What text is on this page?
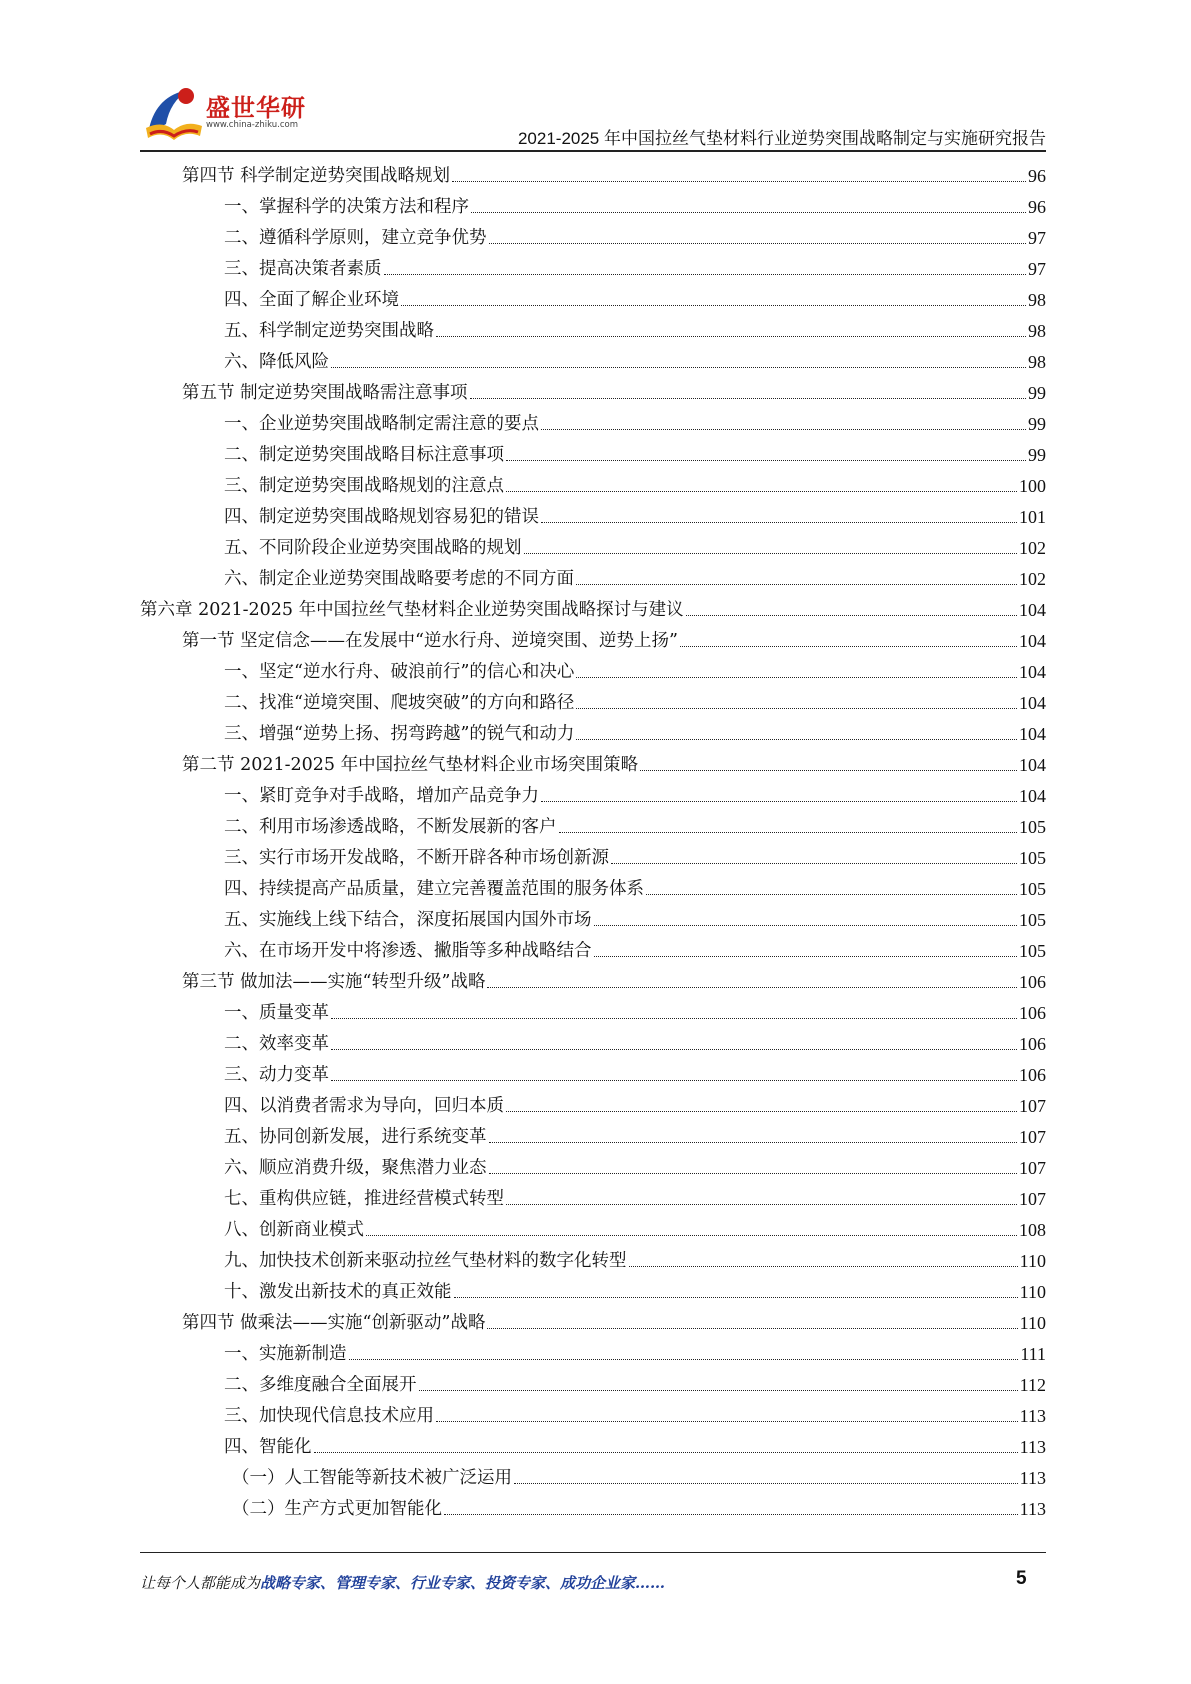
盛世华研
www.china-zhiku.com
2021-2025 年中国拉丝气垫材料行业逆势突围战略制定与实施研究报告
第四节 科学制定逆势突围战略规划	96
一、掌握科学的决策方法和程序	96
二、遵循科学原则，建立竞争优势	97
三、提高决策者素质	97
四、全面了解企业环境	98
五、科学制定逆势突围战略	98
六、降低风险	98
第五节 制定逆势突围战略需注意事项	99
一、企业逆势突围战略制定需注意的要点	99
二、制定逆势突围战略目标注意事项	99
三、制定逆势突围战略规划的注意点	100
四、制定逆势突围战略规划容易犯的错误	101
五、不同阶段企业逆势突围战略的规划	102
六、制定企业逆势突围战略要考虑的不同方面	102
第六章 2021-2025 年中国拉丝气垫材料企业逆势突围战略探讨与建议	104
第一节 坚定信念——在发展中“逆水行舟、逆境突围、逆势上扬”	104
一、坚定“逆水行舟、破浪前行”的信心和决心	104
二、找准“逆境突围、爬坡突破”的方向和路径	104
三、增强“逆势上扬、拐弯跨越”的锐气和动力	104
第二节 2021-2025 年中国拉丝气垫材料企业市场突围策略	104
一、紧盯竞争对手战略，增加产品竞争力	104
二、利用市场渗透战略，不断发展新的客户	105
三、实行市场开发战略，不断开辟各种市场创新源	105
四、持续提高产品质量，建立完善覆盖范围的服务体系	105
五、实施线上线下结合，深度拓展国内国外市场	105
六、在市场开发中将渗透、撇脂等多种战略结合	105
第三节 做加法——实施“转型升级”战略	106
一、质量变革	106
二、效率变革	106
三、动力变革	106
四、以消费者需求为导向，回归本质	107
五、协同创新发展，进行系统变革	107
六、顺应消费升级，聚焦潜力业态	107
七、重构供应链，推进经营模式转型	107
八、创新商业模式	108
九、加快技术创新来驱动拉丝气垫材料的数字化转型	110
十、激发出新技术的真正效能	110
第四节 做乘法——实施“创新驱动”战略	110
一、实施新制造	111
二、多维度融合全面展开	112
三、加快现代信息技术应用	113
四、智能化	113
（一）人工智能等新技术被广泛运用	113
（二）生产方式更加智能化	113
让每个人都能成为战略专家、管理专家、行业专家、投资专家、成功企业家……	5
